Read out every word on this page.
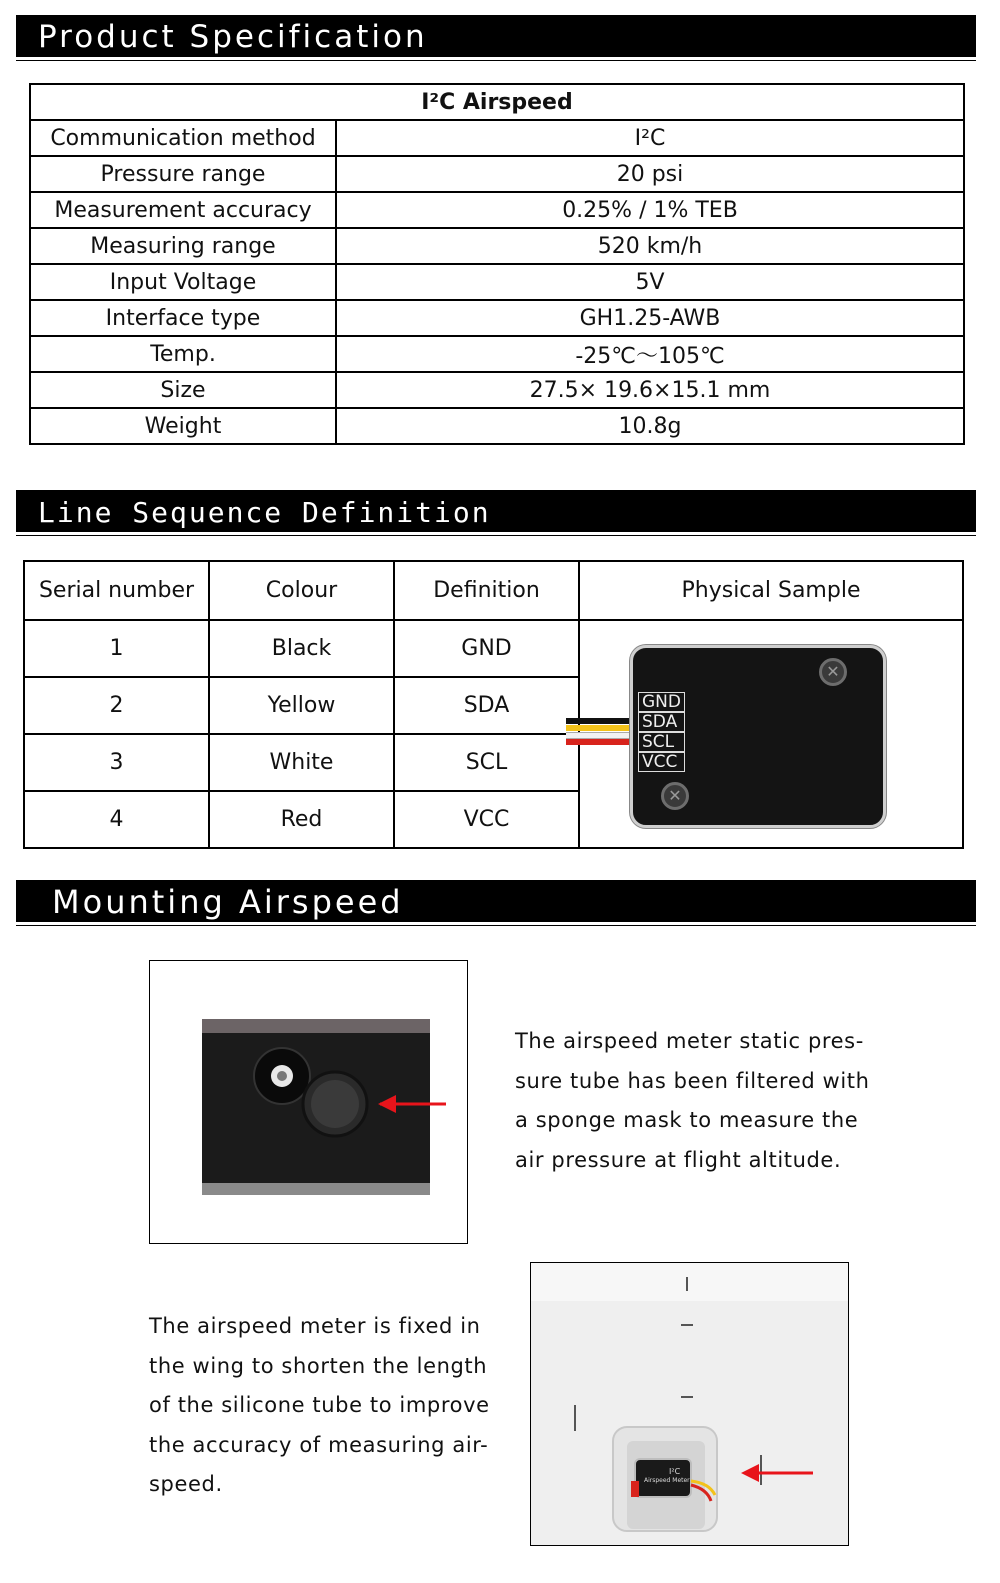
Product Specification
I²C Airspeed	
Communication method	I²C
Pressure range	20 psi
Measurement accuracy	0.25% / 1% TEB
Measuring range	520 km/h
Input Voltage	5V
Interface type	GH1.25-AWB
Temp.	-25℃～105℃
Size	27.5× 19.6×15.1 mm
Weight	10.8g
Line Sequence Definition
Serial number	Colour	Definition	Physical Sample
1	Black	GND	
2	Yellow	SDA	
3	White	SCL	
4	Red	VCC	
✕
✕
GND
SDA
SCL
VCC
Mounting Airspeed
The airspeed meter static pres-
sure tube has been filtered with
a sponge mask to measure the
air pressure at flight altitude.
The airspeed meter is fixed in
the wing to shorten the length
of the silicone tube to improve
the accuracy of measuring air-
speed.
I²C
Airspeed Meter
